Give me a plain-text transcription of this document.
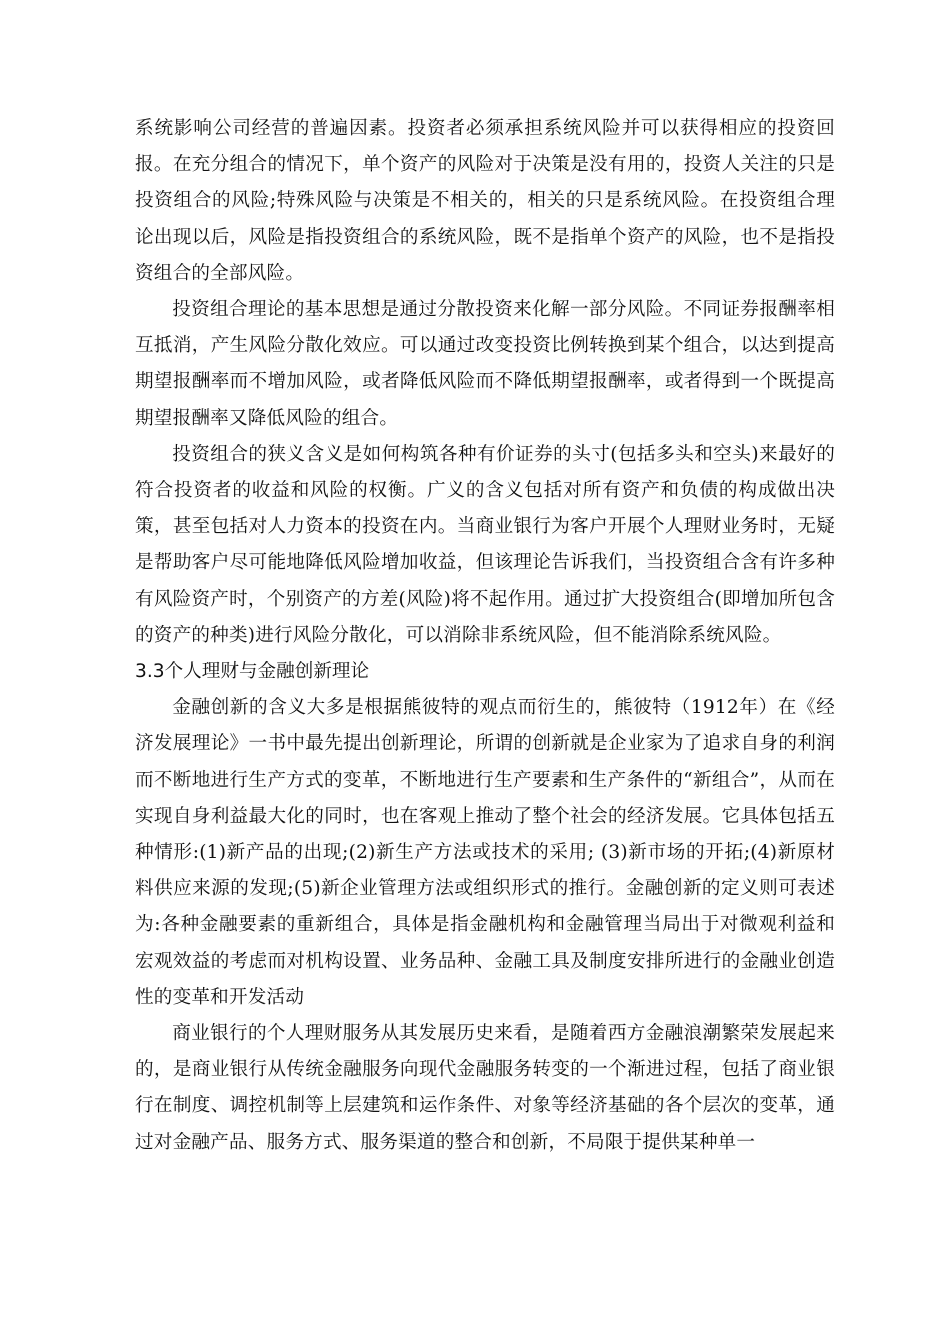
系统影响公司经营的普遍因素。投资者必须承担系统风险并可以获得相应的投资回报。在充分组合的情况下，单个资产的风险对于决策是没有用的，投资人关注的只是投资组合的风险;特殊风险与决策是不相关的，相关的只是系统风险。在投资组合理论出现以后，风险是指投资组合的系统风险，既不是指单个资产的风险，也不是指投资组合的全部风险。

投资组合理论的基本思想是通过分散投资来化解一部分风险。不同证券报酬率相互抵消，产生风险分散化效应。可以通过改变投资比例转换到某个组合，以达到提高期望报酬率而不增加风险，或者降低风险而不降低期望报酬率，或者得到一个既提高期望报酬率又降低风险的组合。

投资组合的狭义含义是如何构筑各种有价证券的头寸(包括多头和空头)来最好的符合投资者的收益和风险的权衡。广义的含义包括对所有资产和负债的构成做出决策，甚至包括对人力资本的投资在内。当商业银行为客户开展个人理财业务时，无疑是帮助客户尽可能地降低风险增加收益，但该理论告诉我们，当投资组合含有许多种有风险资产时，个别资产的方差(风险)将不起作用。通过扩大投资组合(即增加所包含的资产的种类)进行风险分散化，可以消除非系统风险，但不能消除系统风险。

3.3个人理财与金融创新理论

金融创新的含义大多是根据熊彼特的观点而衍生的，熊彼特（1912年）在《经济发展理论》一书中最先提出创新理论，所谓的创新就是企业家为了追求自身的利润而不断地进行生产方式的变革，不断地进行生产要素和生产条件的“新组合”，从而在实现自身利益最大化的同时，也在客观上推动了整个社会的经济发展。它具体包括五种情形:(1)新产品的出现;(2)新生产方法或技术的采用; (3)新市场的开拓;(4)新原材料供应来源的发现;(5)新企业管理方法或组织形式的推行。金融创新的定义则可表述为:各种金融要素的重新组合，具体是指金融机构和金融管理当局出于对微观利益和宏观效益的考虑而对机构设置、业务品种、金融工具及制度安排所进行的金融业创造性的变革和开发活动

商业银行的个人理财服务从其发展历史来看，是随着西方金融浪潮繁荣发展起来的，是商业银行从传统金融服务向现代金融服务转变的一个渐进过程，包括了商业银行在制度、调控机制等上层建筑和运作条件、对象等经济基础的各个层次的变革，通过对金融产品、服务方式、服务渠道的整合和创新，不局限于提供某种单一
